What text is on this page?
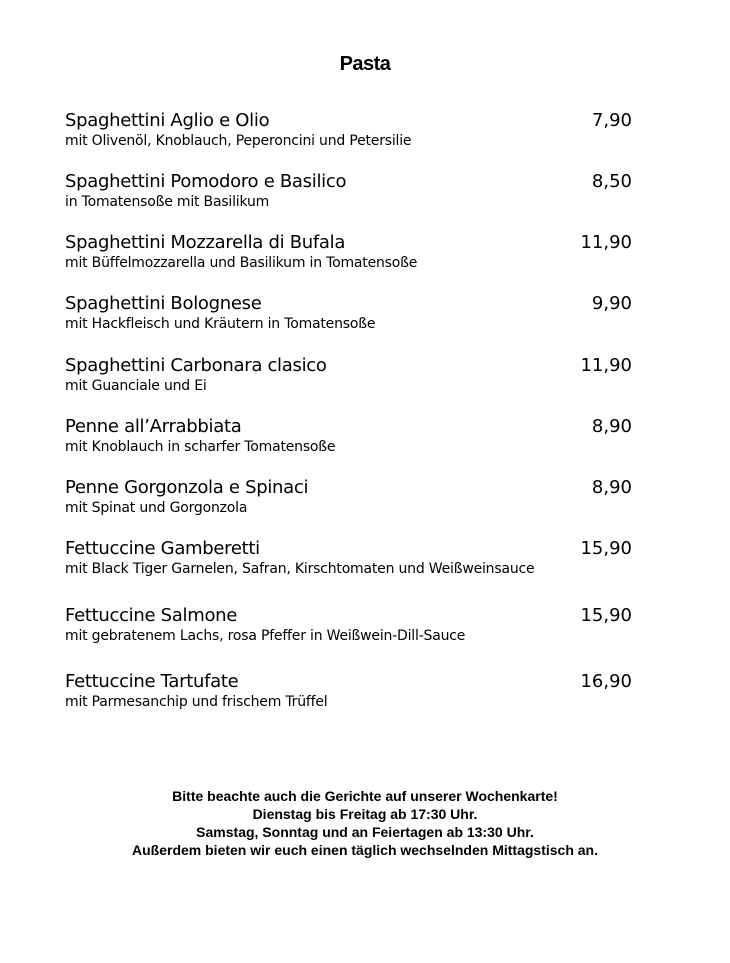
Pasta
Spaghettini Aglio e Olio	7,90
mit Olivenöl, Knoblauch, Peperoncini und Petersilie
Spaghettini Pomodoro e Basilico	8,50
in Tomatensoße mit Basilikum
Spaghettini Mozzarella di Bufala	11,90
mit Büffelmozzarella und Basilikum in Tomatensoße
Spaghettini Bolognese	9,90
mit Hackfleisch und Kräutern in Tomatensoße
Spaghettini Carbonara clasico	11,90
mit Guanciale und Ei
Penne all’Arrabbiata	8,90
mit Knoblauch in scharfer Tomatensoße
Penne Gorgonzola e Spinaci	8,90
mit Spinat und Gorgonzola
Fettuccine Gamberetti	15,90
mit Black Tiger Garnelen, Safran, Kirschtomaten und Weißweinsauce
Fettuccine Salmone	15,90
mit gebratenem Lachs, rosa Pfeffer in Weißwein-Dill-Sauce
Fettuccine Tartufate	16,90
mit Parmesanchip und frischem Trüffel
Bitte beachte auch die Gerichte auf unserer Wochenkarte!
Dienstag bis Freitag ab 17:30 Uhr.
Samstag, Sonntag und an Feiertagen ab 13:30 Uhr.
Außerdem bieten wir euch einen täglich wechselnden Mittagstisch an.
